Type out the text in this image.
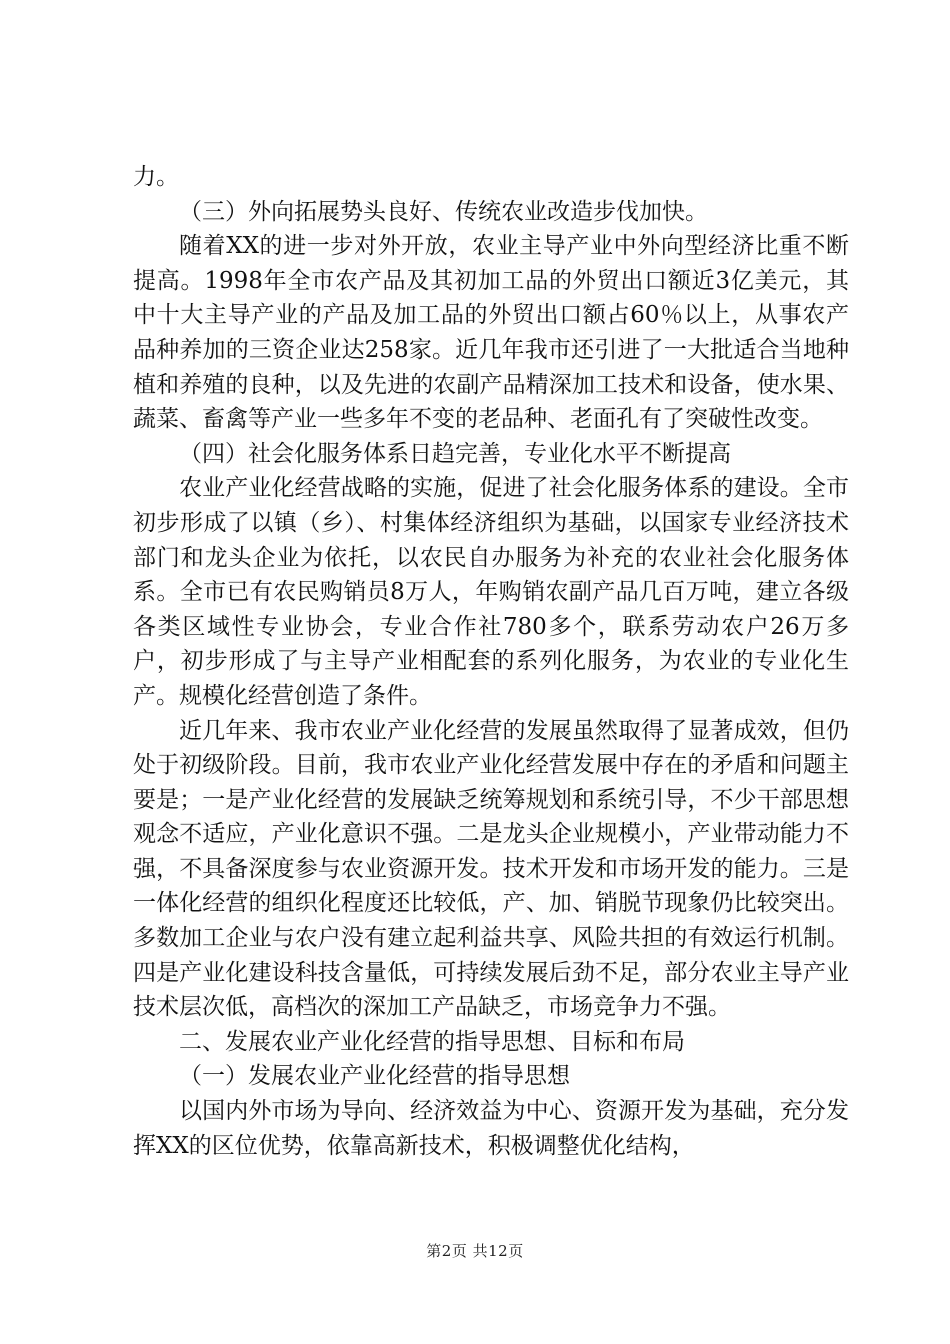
力。

（三）外向拓展势头良好、传统农业改造步伐加快。

随着XX的进一步对外开放，农业主导产业中外向型经济比重不断提高。1998年全市农产品及其初加工品的外贸出口额近3亿美元，其中十大主导产业的产品及加工品的外贸出口额占60％以上，从事农产品种养加的三资企业达258家。近几年我市还引进了一大批适合当地种植和养殖的良种，以及先进的农副产品精深加工技术和设备，使水果、蔬菜、畜禽等产业一些多年不变的老品种、老面孔有了突破性改变。

（四）社会化服务体系日趋完善，专业化水平不断提高

农业产业化经营战略的实施，促进了社会化服务体系的建设。全市初步形成了以镇（乡）、村集体经济组织为基础，以国家专业经济技术部门和龙头企业为依托，以农民自办服务为补充的农业社会化服务体系。全市已有农民购销员8万人，年购销农副产品几百万吨，建立各级各类区域性专业协会，专业合作社780多个，联系劳动农户26万多户，初步形成了与主导产业相配套的系列化服务，为农业的专业化生产。规模化经营创造了条件。

近几年来、我市农业产业化经营的发展虽然取得了显著成效，但仍处于初级阶段。目前，我市农业产业化经营发展中存在的矛盾和问题主要是；一是产业化经营的发展缺乏统筹规划和系统引导，不少干部思想观念不适应，产业化意识不强。二是龙头企业规模小，产业带动能力不强，不具备深度参与农业资源开发。技术开发和市场开发的能力。三是一体化经营的组织化程度还比较低，产、加、销脱节现象仍比较突出。多数加工企业与农户没有建立起利益共享、风险共担的有效运行机制。四是产业化建设科技含量低，可持续发展后劲不足，部分农业主导产业技术层次低，高档次的深加工产品缺乏，市场竞争力不强。

二、发展农业产业化经营的指导思想、目标和布局

（一）发展农业产业化经营的指导思想

以国内外市场为导向、经济效益为中心、资源开发为基础，充分发挥XX的区位优势，依靠高新技术，积极调整优化结构，

第2页 共12页
